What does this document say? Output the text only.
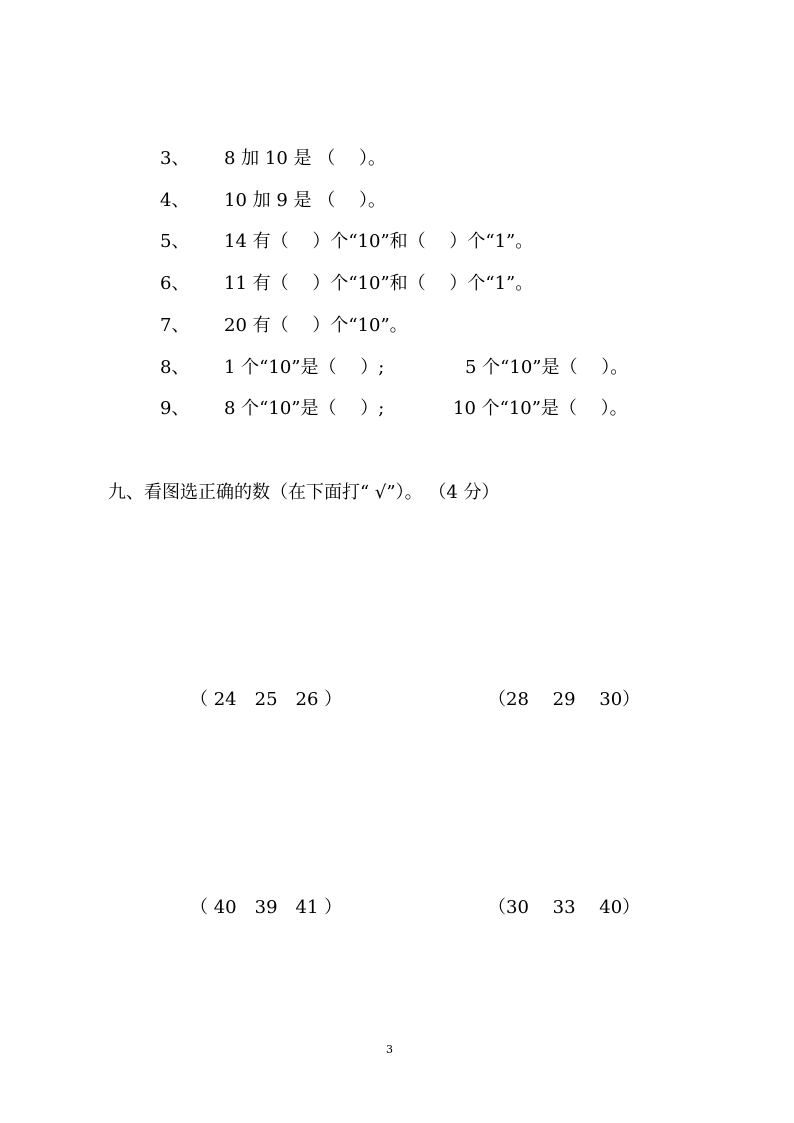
3、 8 加 10 是 （　 ）。
4、 10 加 9 是 （　 ）。
5、 14 有（　 ）个“10”和（　 ）个“1”。
6、 11 有（　 ）个“10”和（　 ）个“1”。
7、 20 有（　 ）个“10”。
8、 1 个“10”是（　 ）;	5 个“10”是（　 ）。
9、 8 个“10”是（　 ）;	10 个“10”是（　 ）。
九、看图选正确的数（在下面打“ √”）。 （4 分）
（ 24　25　26 ）	（28　 29　 30）
（ 40　39　41 ）	（30　 33　 40）
3
